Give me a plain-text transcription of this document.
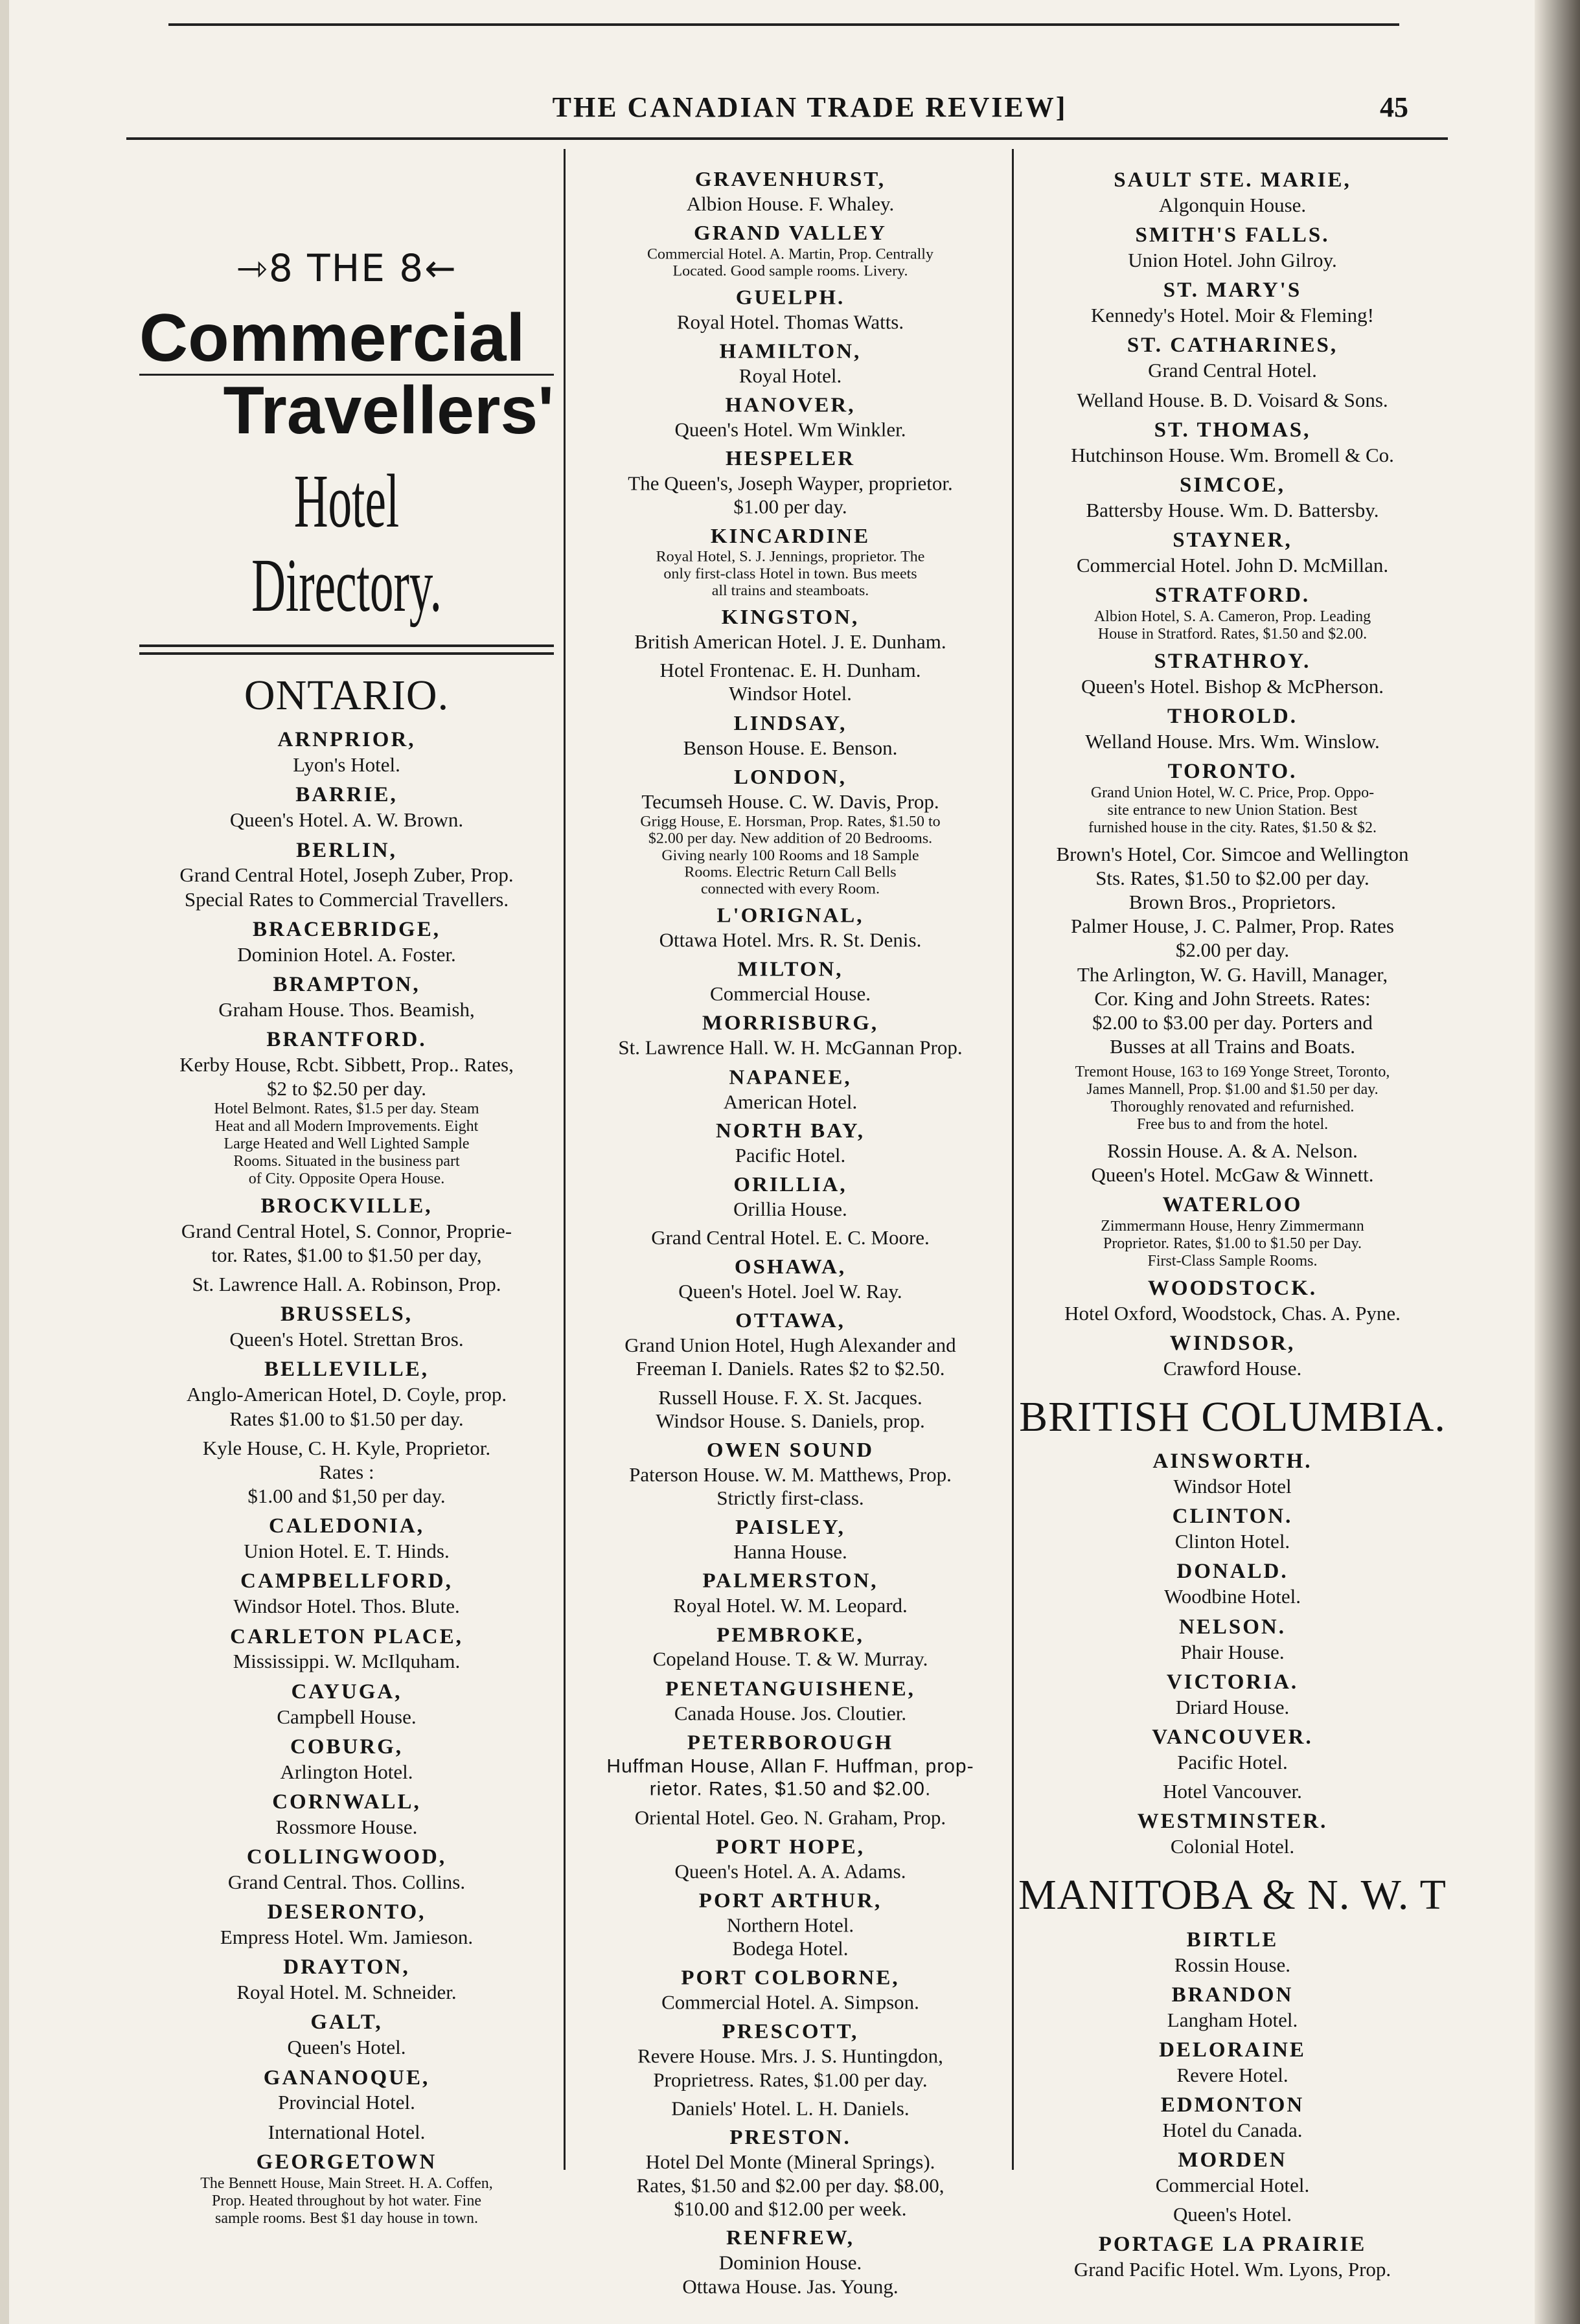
THE CANADIAN TRADE REVIEW]	45
⇾8 THE 8←
Commercial
Travellers'
Hotel Directory.
ONTARIO.
ARNPRIOR,
Lyon's Hotel.
BARRIE,
Queen's Hotel. A. W. Brown.
BERLIN,
Grand Central Hotel, Joseph Zuber, Prop.
Special Rates to Commercial Travellers.
BRACEBRIDGE,
Dominion Hotel. A. Foster.
BRAMPTON,
Graham House. Thos. Beamish,
BRANTFORD.
Kerby House, Rcbt. Sibbett, Prop.. Rates,
$2 to $2.50 per day.
Hotel Belmont. Rates, $1.5 per day. Steam
Heat and all Modern Improvements. Eight
Large Heated and Well Lighted Sample
Rooms. Situated in the business part
of City. Opposite Opera House.
BROCKVILLE,
Grand Central Hotel, S. Connor, Proprie-
tor. Rates, $1.00 to $1.50 per day,
St. Lawrence Hall. A. Robinson, Prop.
BRUSSELS,
Queen's Hotel. Strettan Bros.
BELLEVILLE,
Anglo-American Hotel, D. Coyle, prop.
Rates $1.00 to $1.50 per day.
Kyle House, C. H. Kyle, Proprietor.
Rates :
$1.00 and $1,50 per day.
CALEDONIA,
Union Hotel. E. T. Hinds.
CAMPBELLFORD,
Windsor Hotel. Thos. Blute.
CARLETON PLACE,
Mississippi. W. McIlquham.
CAYUGA,
Campbell House.
COBURG,
Arlington Hotel.
CORNWALL,
Rossmore House.
COLLINGWOOD,
Grand Central. Thos. Collins.
DESERONTO,
Empress Hotel. Wm. Jamieson.
DRAYTON,
Royal Hotel. M. Schneider.
GALT,
Queen's Hotel.
GANANOQUE,
Provincial Hotel.
International Hotel.
GEORGETOWN
The Bennett House, Main Street. H. A. Coffen,
Prop. Heated throughout by hot water. Fine
sample rooms. Best $1 day house in town.
GRAVENHURST,
Albion House. F. Whaley.
GRAND VALLEY
Commercial Hotel. A. Martin, Prop. Centrally
Located. Good sample rooms. Livery.
GUELPH.
Royal Hotel. Thomas Watts.
HAMILTON,
Royal Hotel.
HANOVER,
Queen's Hotel. Wm Winkler.
HESPELER
The Queen's, Joseph Wayper, proprietor.
$1.00 per day.
KINCARDINE
Royal Hotel, S. J. Jennings, proprietor. The
only first-class Hotel in town. Bus meets
all trains and steamboats.
KINGSTON,
British American Hotel. J. E. Dunham.
Hotel Frontenac. E. H. Dunham.
Windsor Hotel.
LINDSAY,
Benson House. E. Benson.
LONDON,
Tecumseh House. C. W. Davis, Prop.
Grigg House, E. Horsman, Prop. Rates, $1.50 to
$2.00 per day. New addition of 20 Bedrooms.
Giving nearly 100 Rooms and 18 Sample
Rooms. Electric Return Call Bells
connected with every Room.
L'ORIGNAL,
Ottawa Hotel. Mrs. R. St. Denis.
MILTON,
Commercial House.
MORRISBURG,
St. Lawrence Hall. W. H. McGannan Prop.
NAPANEE,
American Hotel.
NORTH BAY,
Pacific Hotel.
ORILLIA,
Orillia House.
Grand Central Hotel. E. C. Moore.
OSHAWA,
Queen's Hotel. Joel W. Ray.
OTTAWA,
Grand Union Hotel, Hugh Alexander and
Freeman I. Daniels. Rates $2 to $2.50.
Russell House. F. X. St. Jacques.
Windsor House. S. Daniels, prop.
OWEN SOUND
Paterson House. W. M. Matthews, Prop.
Strictly first-class.
PAISLEY,
Hanna House.
PALMERSTON,
Royal Hotel. W. M. Leopard.
PEMBROKE,
Copeland House. T. & W. Murray.
PENETANGUISHENE,
Canada House. Jos. Cloutier.
PETERBOROUGH
Huffman House, Allan F. Huffman, prop-
rietor. Rates, $1.50 and $2.00.
Oriental Hotel. Geo. N. Graham, Prop.
PORT HOPE,
Queen's Hotel. A. A. Adams.
PORT ARTHUR,
Northern Hotel.
Bodega Hotel.
PORT COLBORNE,
Commercial Hotel. A. Simpson.
PRESCOTT,
Revere House. Mrs. J. S. Huntingdon,
Proprietress. Rates, $1.00 per day.
Daniels' Hotel. L. H. Daniels.
PRESTON.
Hotel Del Monte (Mineral Springs).
Rates, $1.50 and $2.00 per day. $8.00,
$10.00 and $12.00 per week.
RENFREW,
Dominion House.
Ottawa House. Jas. Young.
SAULT STE. MARIE,
Algonquin House.
SMITH'S FALLS.
Union Hotel. John Gilroy.
ST. MARY'S
Kennedy's Hotel. Moir & Fleming!
ST. CATHARINES,
Grand Central Hotel.
Welland House. B. D. Voisard & Sons.
ST. THOMAS,
Hutchinson House. Wm. Bromell & Co.
SIMCOE,
Battersby House. Wm. D. Battersby.
STAYNER,
Commercial Hotel. John D. McMillan.
STRATFORD.
Albion Hotel, S. A. Cameron, Prop. Leading
House in Stratford. Rates, $1.50 and $2.00.
STRATHROY.
Queen's Hotel. Bishop & McPherson.
THOROLD.
Welland House. Mrs. Wm. Winslow.
TORONTO.
Grand Union Hotel, W. C. Price, Prop. Oppo-
site entrance to new Union Station. Best
furnished house in the city. Rates, $1.50 & $2.
Brown's Hotel, Cor. Simcoe and Wellington
Sts. Rates, $1.50 to $2.00 per day.
Brown Bros., Proprietors.
Palmer House, J. C. Palmer, Prop. Rates
$2.00 per day.
The Arlington, W. G. Havill, Manager,
Cor. King and John Streets. Rates:
$2.00 to $3.00 per day. Porters and
Busses at all Trains and Boats.
Tremont House, 163 to 169 Yonge Street, Toronto,
James Mannell, Prop. $1.00 and $1.50 per day.
Thoroughly renovated and refurnished.
Free bus to and from the hotel.
Rossin House. A. & A. Nelson.
Queen's Hotel. McGaw & Winnett.
WATERLOO
Zimmermann House, Henry Zimmermann
Proprietor. Rates, $1.00 to $1.50 per Day.
First-Class Sample Rooms.
WOODSTOCK.
Hotel Oxford, Woodstock, Chas. A. Pyne.
WINDSOR,
Crawford House.
BRITISH COLUMBIA.
AINSWORTH.
Windsor Hotel
CLINTON.
Clinton Hotel.
DONALD.
Woodbine Hotel.
NELSON.
Phair House.
VICTORIA.
Driard House.
VANCOUVER.
Pacific Hotel.
Hotel Vancouver.
WESTMINSTER.
Colonial Hotel.
MANITOBA & N. W. T
BIRTLE
Rossin House.
BRANDON
Langham Hotel.
DELORAINE
Revere Hotel.
EDMONTON
Hotel du Canada.
MORDEN
Commercial Hotel.
Queen's Hotel.
PORTAGE LA PRAIRIE
Grand Pacific Hotel. Wm. Lyons, Prop.
